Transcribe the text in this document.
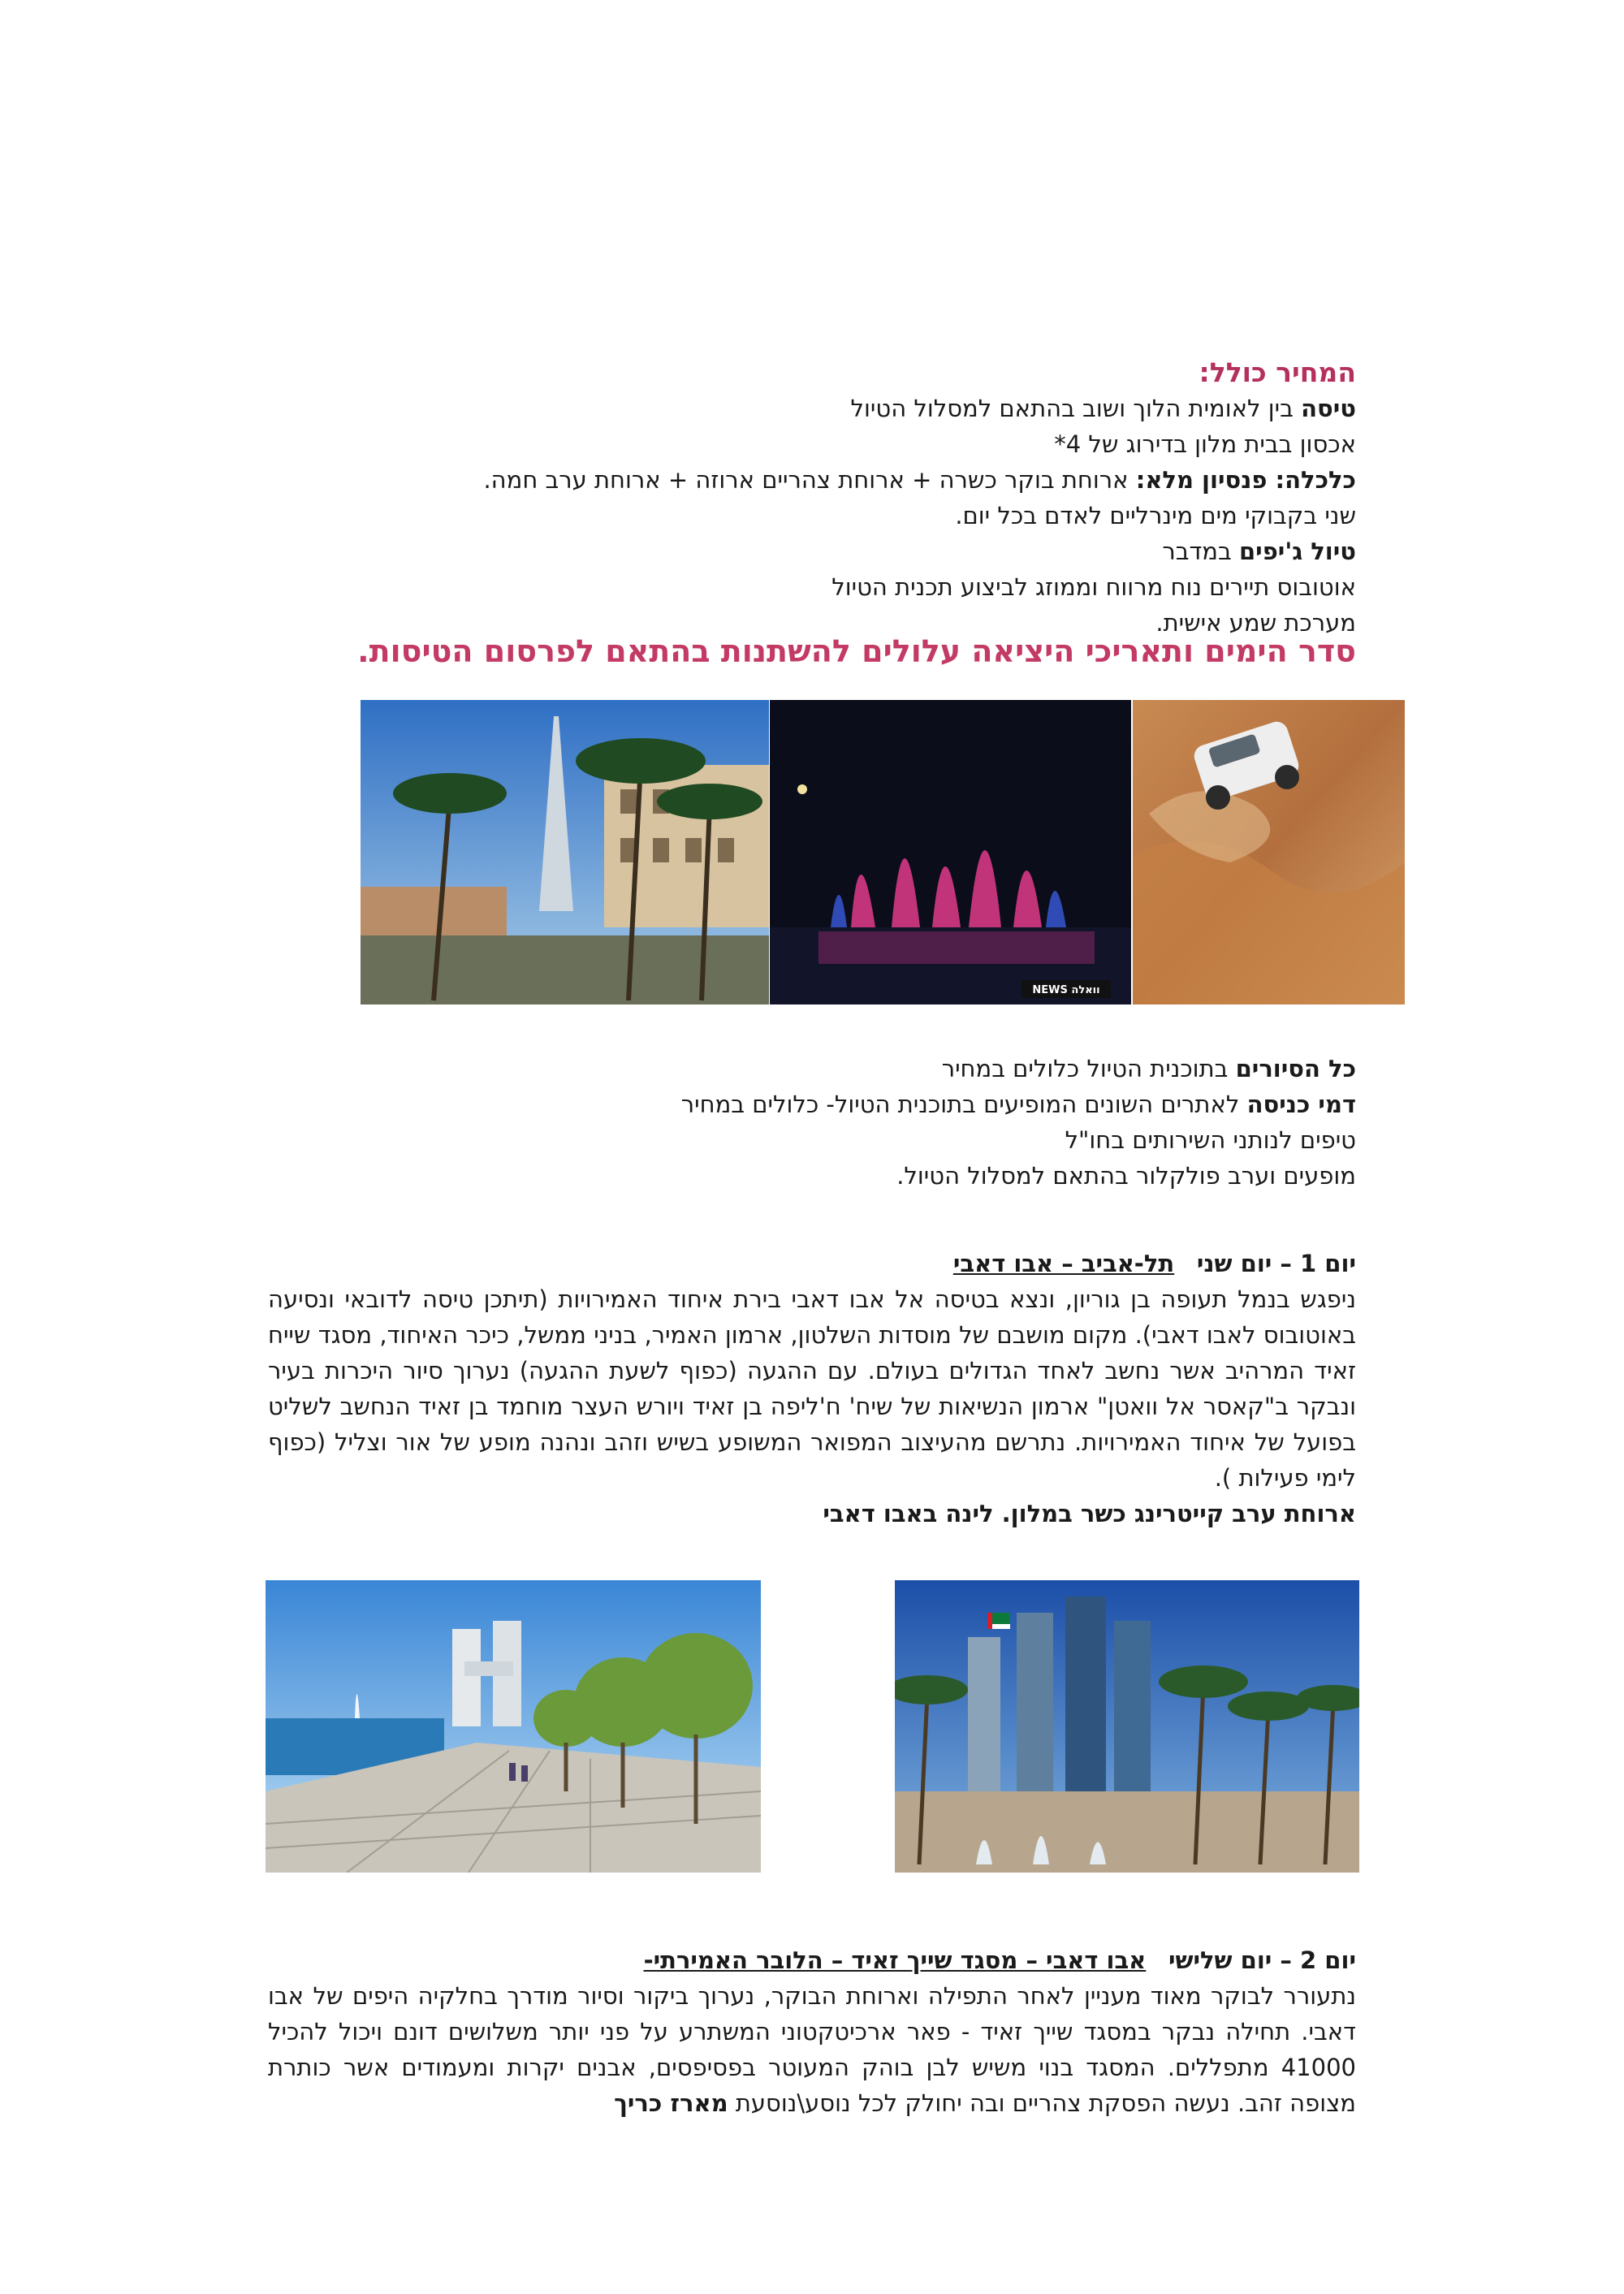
המחיר כולל:
טיסה בין לאומית הלוך ושוב בהתאם למסלול הטיול
אכסון בבית מלון בדירוג של 4*
כלכלה: פנסיון מלא: ארוחת בוקר כשרה + ארוחת צהריים ארוזה + ארוחת ערב חמה.
שני בקבוקי מים מינרליים לאדם בכל יום.
טיול ג'יפים במדבר
אוטובוס תיירים נוח מרווח וממוזג לביצוע תכנית הטיול
מערכת שמע אישית.
סדר הימים ותאריכי היציאה עלולים להשתנות בהתאם לפרסום הטיסות.
NEWS וואלה
כל הסיורים בתוכנית הטיול כלולים במחיר
דמי כניסה לאתרים השונים המופיעים בתוכנית הטיול- כלולים במחיר
טיפים לנותני השירותים בחו"ל
מופעים וערב פולקלור בהתאם למסלול הטיול.
יום 1 – יום שני   תל-אביב – אבו דאבי
ניפגש בנמל תעופה בן גוריון, ונצא בטיסה אל אבו דאבי בירת איחוד האמירויות (תיתכן טיסה לדובאי ונסיעה באוטובוס לאבו דאבי). מקום מושבם של מוסדות השלטון, ארמון האמיר, בניני ממשל, כיכר האיחוד, מסגד שייח זאיד המרהיב אשר נחשב לאחד הגדולים בעולם. עם ההגעה (כפוף לשעת ההגעה) נערוך סיור היכרות בעיר ונבקר ב"קאסר אל וואטן" ארמון הנשיאות של שיח' ח'ליפה בן זאיד ויורש העצר מוחמד בן זאיד הנחשב לשליט בפועל של איחוד האמירויות. נתרשם מהעיצוב המפואר המשופע בשיש וזהב ונהנה מופע של אור וצליל (כפוף לימי פעילות ).
ארוחת ערב קייטרינג כשר במלון. לינה באבו דאבי
יום 2 – יום שלישי   אבו דאבי – מסגד שייך זאיד – הלובר האמירתי-
נתעורר לבוקר מאוד מעניין לאחר התפילה וארוחת הבוקר, נערוך ביקור וסיור מודרך בחלקיה היפים של אבו דאבי. תחילה נבקר במסגד שייך זאיד - פאר ארכיטקטוני המשתרע על פני יותר משלושים דונם ויכול להכיל 41000 מתפללים. המסגד בנוי משיש לבן בוהק המעוטר בפסיפסים, אבנים יקרות ומעמודים אשר כותרת מצופה זהב. נעשה הפסקת צהריים ובה יחולק לכל נוסע\נוסעת מארז כריך
